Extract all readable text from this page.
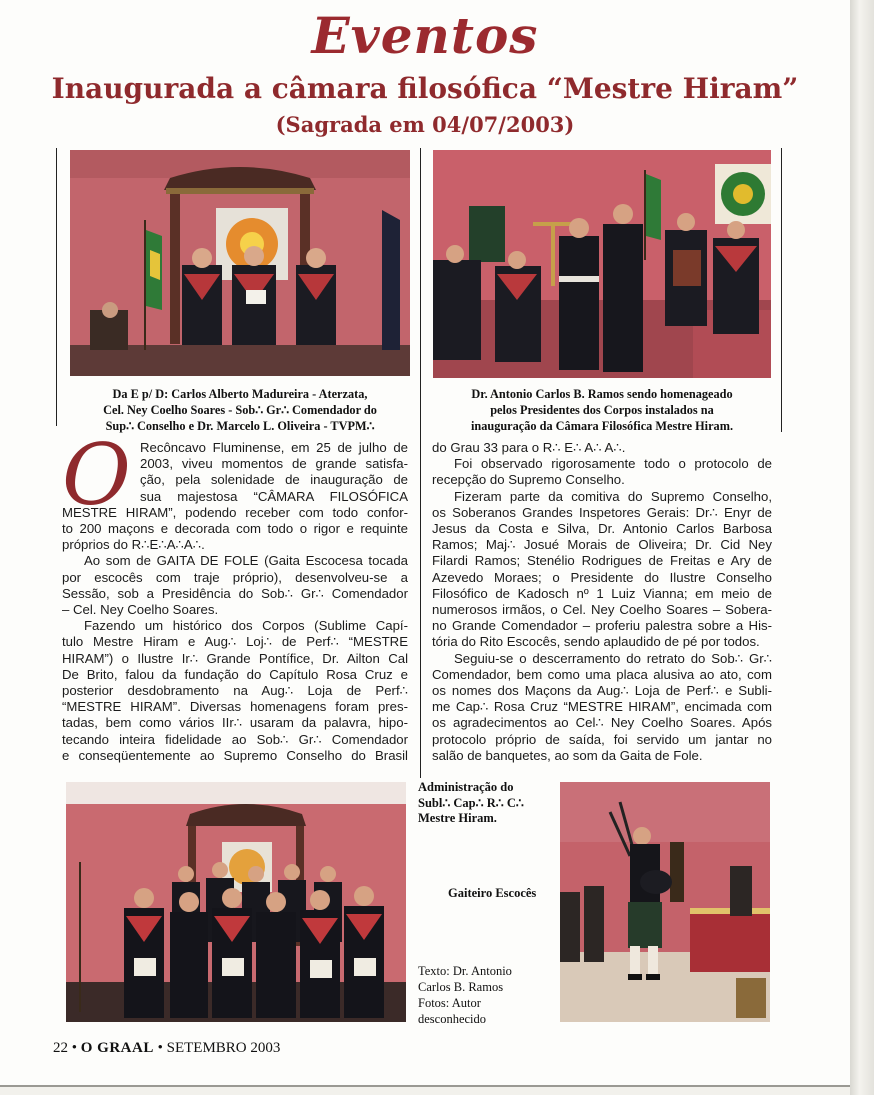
Eventos
Inaugurada a câmara filosófica “Mestre Hiram”
(Sagrada em 04/07/2003)
Da E p/ D: Carlos Alberto Madureira - Aterzata,
Cel. Ney Coelho Soares - Sob∴ Gr∴ Comendador do
Sup∴ Conselho e Dr. Marcelo L. Oliveira - TVPM∴
Dr. Antonio Carlos B. Ramos sendo homenageado
pelos Presidentes dos Corpos instalados na
inauguração da Câmara Filosófica Mestre Hiram.
O Recôncavo Fluminense, em 25 de julho de
2003, viveu momentos de grande satisfa-
ção, pela solenidade de inauguração de
sua majestosa “CÂMARA FILOSÓFICA
MESTRE HIRAM”, podendo receber com todo confor-
to 200 maçons e decorada com todo o rigor e requinte
próprios do R∴E∴A∴A∴.
Ao som de GAITA DE FOLE (Gaita Escocesa tocada
por escocês com traje próprio), desenvolveu-se a
Sessão, sob a Presidência do Sob∴ Gr∴ Comendador
– Cel. Ney Coelho Soares.
Fazendo um histórico dos Corpos (Sublime Capí-
tulo Mestre Hiram e Aug∴ Loj∴ de Perf∴ “MESTRE
HIRAM”) o Ilustre Ir∴ Grande Pontífice, Dr. Ailton Cal
De Brito, falou da fundação do Capítulo Rosa Cruz e
posterior desdobramento na Aug∴ Loja de Perf∴
“MESTRE HIRAM”. Diversas homenagens foram pres-
tadas, bem como vários IIr∴ usaram da palavra, hipo-
tecando inteira fidelidade ao Sob∴ Gr∴ Comendador
e conseqüentemente ao Supremo Conselho do Brasil
do Grau 33 para o R∴ E∴ A∴ A∴.
Foi observado rigorosamente todo o protocolo de
recepção do Supremo Conselho.
Fizeram parte da comitiva do Supremo Conselho,
os Soberanos Grandes Inspetores Gerais: Dr∴ Enyr de
Jesus da Costa e Silva, Dr. Antonio Carlos Barbosa
Ramos; Maj∴ Josué Morais de Oliveira; Dr. Cid Ney
Filardi Ramos; Stenélio Rodrigues de Freitas e Ary de
Azevedo Moraes; o Presidente do Ilustre Conselho
Filosófico de Kadosch nº 1 Luiz Vianna; em meio de
numerosos irmãos, o Cel. Ney Coelho Soares – Sobera-
no Grande Comendador – proferiu palestra sobre a His-
tória do Rito Escocês, sendo aplaudido de pé por todos.
Seguiu-se o descerramento do retrato do Sob∴ Gr∴
Comendador, bem como uma placa alusiva ao ato, com
os nomes dos Maçons da Aug∴ Loja de Perf∴ e Subli-
me Cap∴ Rosa Cruz “MESTRE HIRAM”, encimada com
os agradecimentos ao Cel∴ Ney Coelho Soares. Após
protocolo próprio de saída, foi servido um jantar no
salão de banquetes, ao som da Gaita de Fole.
Administração do
Subl∴ Cap∴ R∴ C∴
Mestre Hiram.
Gaiteiro Escocês
Texto: Dr. Antonio
Carlos B. Ramos
Fotos: Autor
desconhecido
22 • O GRAAL • SETEMBRO 2003
